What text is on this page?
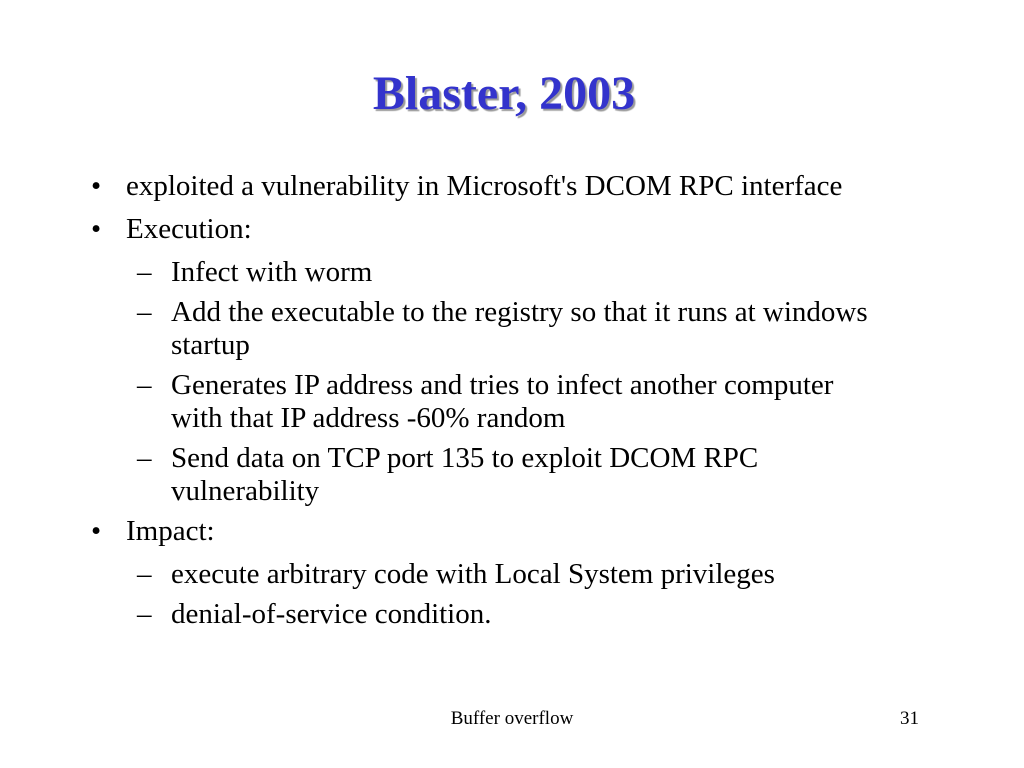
Blaster, 2003
• exploited a vulnerability in Microsoft's DCOM RPC interface
• Execution:
– Infect with worm
– Add the executable to the registry so that it runs at windows startup
– Generates IP address and tries to infect another computer with that IP address -60% random
– Send data on TCP port 135 to exploit DCOM RPC vulnerability
• Impact:
– execute arbitrary code with Local System privileges
– denial-of-service condition.
Buffer overflow	31
